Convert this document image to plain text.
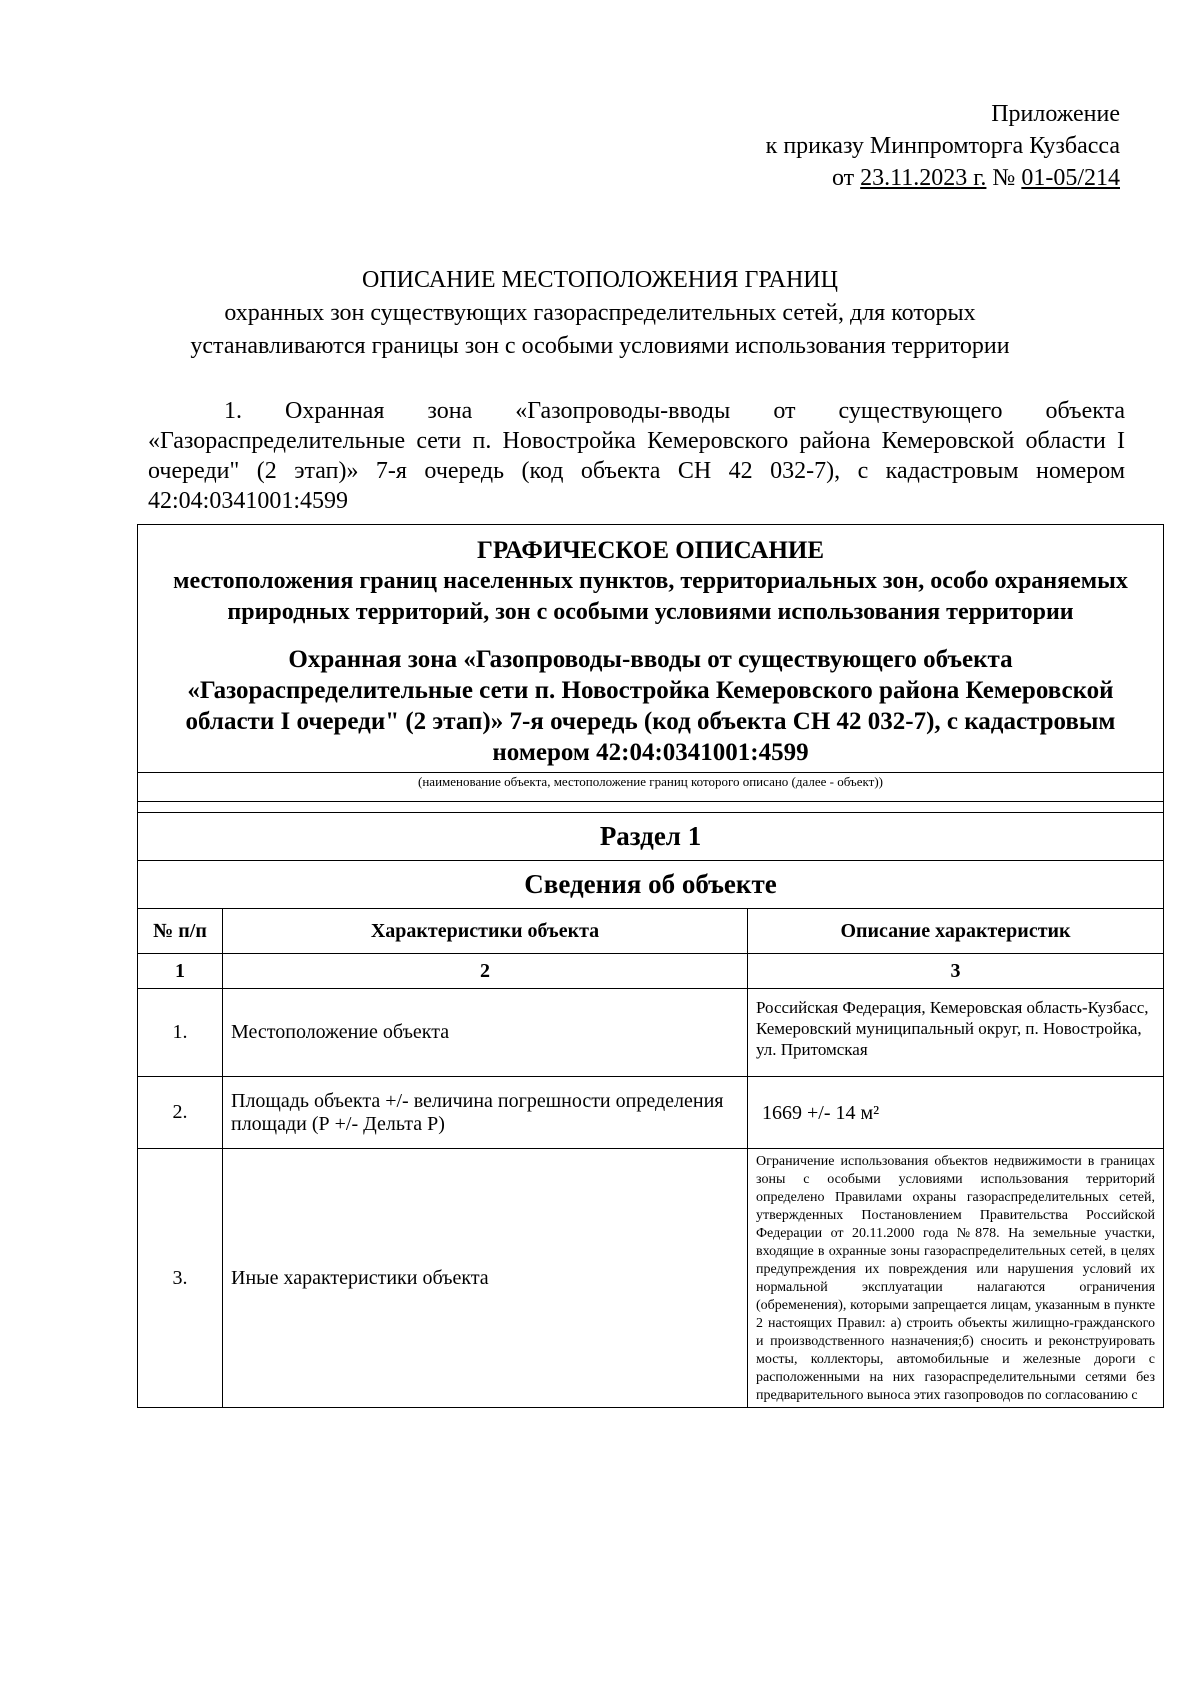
Приложение
к приказу Минпромторга Кузбасса
от 23.11.2023 г. № 01-05/214
ОПИСАНИЕ МЕСТОПОЛОЖЕНИЯ ГРАНИЦ
охранных зон существующих газораспределительных сетей, для которых
устанавливаются границы зон с особыми условиями использования территории

1. Охранная зона «Газопроводы-вводы от существующего объекта «Газораспределительные сети п. Новостройка Кемеровского района Кемеровской области I очереди" (2 этап)» 7-я очередь (код объекта СН 42 032-7), с кадастровым номером 42:04:0341001:4599

ГРАФИЧЕСКОЕ ОПИСАНИЕ
местоположения границ населенных пунктов, территориальных зон, особо охраняемых природных территорий, зон с особыми условиями использования территории
Охранная зона «Газопроводы-вводы от существующего объекта «Газораспределительные сети п. Новостройка Кемеровского района Кемеровской области I очереди" (2 этап)» 7-я очередь (код объекта СН 42 032-7), с кадастровым номером 42:04:0341001:4599		

(наименование объекта, местоположение границ которого описано (далее - объект))		

Раздел 1		
Сведения об объекте		
№ п/п	Характеристики объекта	Описание характеристик
1	2	3
1.	Местоположение объекта	Российская Федерация, Кемеровская область-Кузбасс, Кемеровский муниципальный округ, п. Новостройка, ул. Притомская
2.	Площадь объекта +/- величина погрешности определения площади (Р +/- Дельта Р)	1669 +/- 14 м²
3.	Иные характеристики объекта	Ограничение использования объектов недвижимости в границах зоны с особыми условиями использования территорий определено Правилами охраны газораспределительных сетей, утвержденных Постановлением Правительства Российской Федерации от 20.11.2000 года №878. На земельные участки, входящие в охранные зоны газораспределительных сетей, в целях предупреждения их повреждения или нарушения условий их нормальной эксплуатации налагаются ограничения (обременения), которыми запрещается лицам, указанным в пункте 2 настоящих Правил: а) строить объекты жилищно-гражданского и производственного назначения;б) сносить и реконструировать мосты, коллекторы, автомобильные и железные дороги с расположенными на них газораспределительными сетями без предварительного выноса этих газопроводов по согласованию с
